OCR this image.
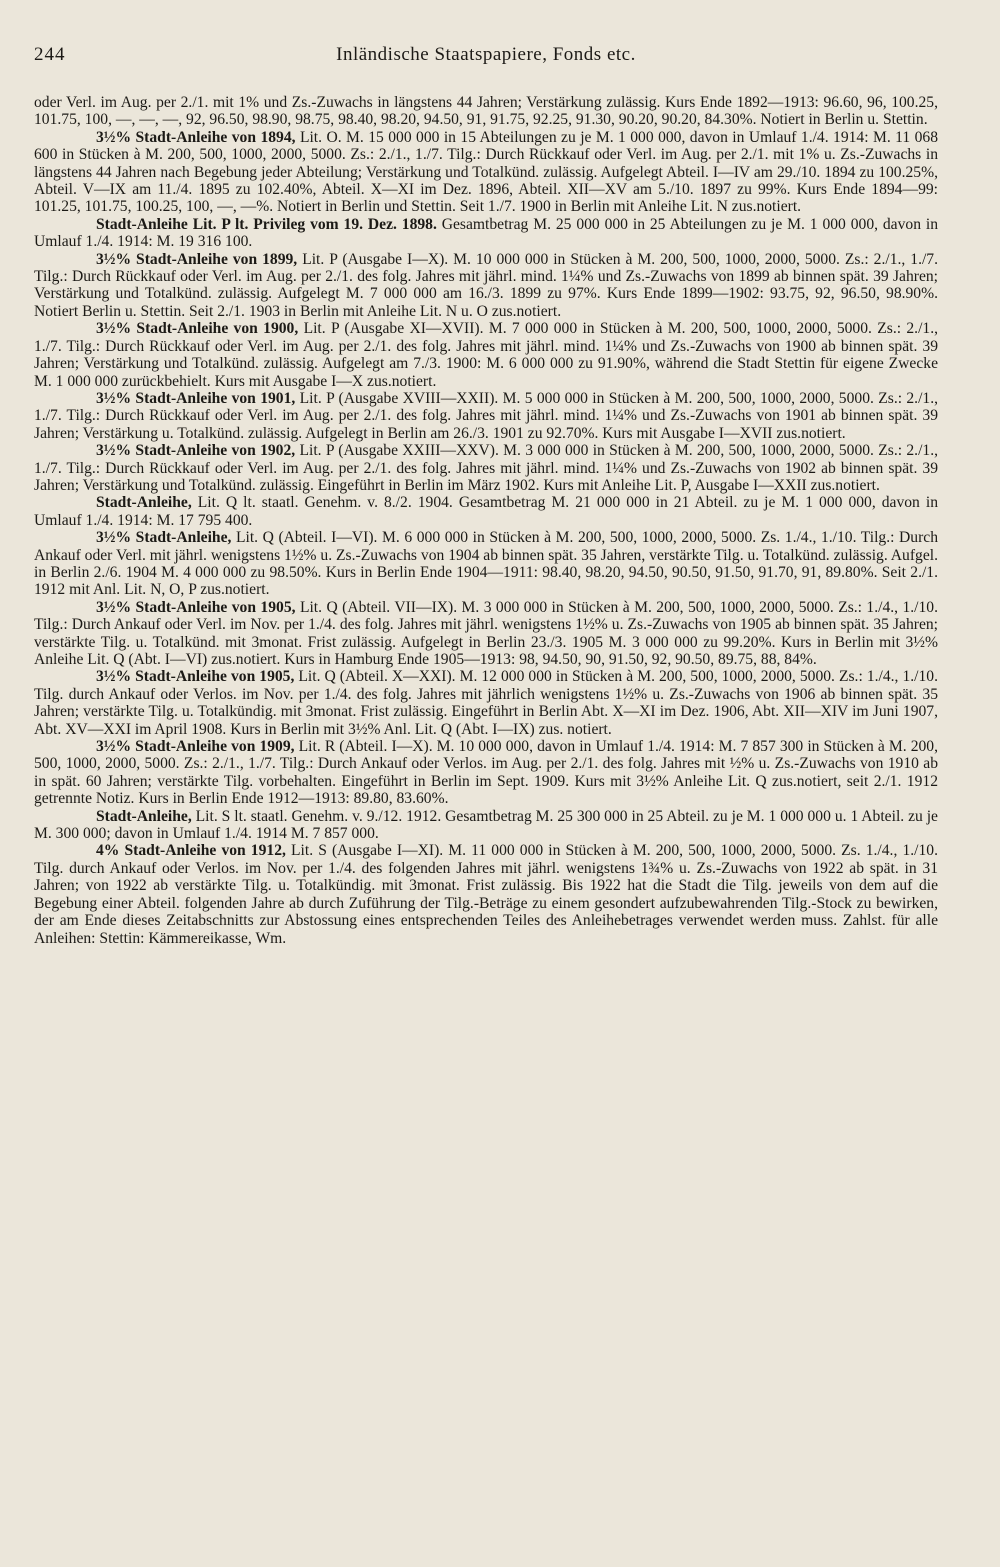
244	Inländische Staatspapiere, Fonds etc.

oder Verl. im Aug. per 2./1. mit 1% und Zs.-Zuwachs in längstens 44 Jahren; Verstärkung zulässig. Kurs Ende 1892—1913: 96.60, 96, 100.25, 101.75, 100, —, —, —, 92, 96.50, 98.90, 98.75, 98.40, 98.20, 94.50, 91, 91.75, 92.25, 91.30, 90.20, 90.20, 84.30%. Notiert in Berlin u. Stettin.

3½% Stadt-Anleihe von 1894, Lit. O. M. 15 000 000 in 15 Abteilungen zu je M. 1 000 000, davon in Umlauf 1./4. 1914: M. 11 068 600 in Stücken à M. 200, 500, 1000, 2000, 5000. Zs.: 2./1., 1./7. Tilg.: Durch Rückkauf oder Verl. im Aug. per 2./1. mit 1% u. Zs.-Zuwachs in längstens 44 Jahren nach Begebung jeder Abteilung; Verstärkung und Totalkünd. zulässig. Aufgelegt Abteil. I—IV am 29./10. 1894 zu 100.25%, Abteil. V—IX am 11./4. 1895 zu 102.40%, Abteil. X—XI im Dez. 1896, Abteil. XII—XV am 5./10. 1897 zu 99%. Kurs Ende 1894—99: 101.25, 101.75, 100.25, 100, —, —%. Notiert in Berlin und Stettin. Seit 1./7. 1900 in Berlin mit Anleihe Lit. N zus.notiert.

Stadt-Anleihe Lit. P lt. Privileg vom 19. Dez. 1898. Gesamtbetrag M. 25 000 000 in 25 Abteilungen zu je M. 1 000 000, davon in Umlauf 1./4. 1914: M. 19 316 100.

3½% Stadt-Anleihe von 1899, Lit. P (Ausgabe I—X). M. 10 000 000 in Stücken à M. 200, 500, 1000, 2000, 5000. Zs.: 2./1., 1./7. Tilg.: Durch Rückkauf oder Verl. im Aug. per 2./1. des folg. Jahres mit jährl. mind. 1¼% und Zs.-Zuwachs von 1899 ab binnen spät. 39 Jahren; Verstärkung und Totalkünd. zulässig. Aufgelegt M. 7 000 000 am 16./3. 1899 zu 97%. Kurs Ende 1899—1902: 93.75, 92, 96.50, 98.90%. Notiert Berlin u. Stettin. Seit 2./1. 1903 in Berlin mit Anleihe Lit. N u. O zus.notiert.

3½% Stadt-Anleihe von 1900, Lit. P (Ausgabe XI—XVII). M. 7 000 000 in Stücken à M. 200, 500, 1000, 2000, 5000. Zs.: 2./1., 1./7. Tilg.: Durch Rückkauf oder Verl. im Aug. per 2./1. des folg. Jahres mit jährl. mind. 1¼% und Zs.-Zuwachs von 1900 ab binnen spät. 39 Jahren; Verstärkung und Totalkünd. zulässig. Aufgelegt am 7./3. 1900: M. 6 000 000 zu 91.90%, während die Stadt Stettin für eigene Zwecke M. 1 000 000 zurückbehielt. Kurs mit Ausgabe I—X zus.notiert.

3½% Stadt-Anleihe von 1901, Lit. P (Ausgabe XVIII—XXII). M. 5 000 000 in Stücken à M. 200, 500, 1000, 2000, 5000. Zs.: 2./1., 1./7. Tilg.: Durch Rückkauf oder Verl. im Aug. per 2./1. des folg. Jahres mit jährl. mind. 1¼% und Zs.-Zuwachs von 1901 ab binnen spät. 39 Jahren; Verstärkung u. Totalkünd. zulässig. Aufgelegt in Berlin am 26./3. 1901 zu 92.70%. Kurs mit Ausgabe I—XVII zus.notiert.

3½% Stadt-Anleihe von 1902, Lit. P (Ausgabe XXIII—XXV). M. 3 000 000 in Stücken à M. 200, 500, 1000, 2000, 5000. Zs.: 2./1., 1./7. Tilg.: Durch Rückkauf oder Verl. im Aug. per 2./1. des folg. Jahres mit jährl. mind. 1¼% und Zs.-Zuwachs von 1902 ab binnen spät. 39 Jahren; Verstärkung und Totalkünd. zulässig. Eingeführt in Berlin im März 1902. Kurs mit Anleihe Lit. P, Ausgabe I—XXII zus.notiert.

Stadt-Anleihe, Lit. Q lt. staatl. Genehm. v. 8./2. 1904. Gesamtbetrag M. 21 000 000 in 21 Abteil. zu je M. 1 000 000, davon in Umlauf 1./4. 1914: M. 17 795 400.

3½% Stadt-Anleihe, Lit. Q (Abteil. I—VI). M. 6 000 000 in Stücken à M. 200, 500, 1000, 2000, 5000. Zs. 1./4., 1./10. Tilg.: Durch Ankauf oder Verl. mit jährl. wenigstens 1½% u. Zs.-Zuwachs von 1904 ab binnen spät. 35 Jahren, verstärkte Tilg. u. Totalkünd. zulässig. Aufgel. in Berlin 2./6. 1904 M. 4 000 000 zu 98.50%. Kurs in Berlin Ende 1904—1911: 98.40, 98.20, 94.50, 90.50, 91.50, 91.70, 91, 89.80%. Seit 2./1. 1912 mit Anl. Lit. N, O, P zus.notiert.

3½% Stadt-Anleihe von 1905, Lit. Q (Abteil. VII—IX). M. 3 000 000 in Stücken à M. 200, 500, 1000, 2000, 5000. Zs.: 1./4., 1./10. Tilg.: Durch Ankauf oder Verl. im Nov. per 1./4. des folg. Jahres mit jährl. wenigstens 1½% u. Zs.-Zuwachs von 1905 ab binnen spät. 35 Jahren; verstärkte Tilg. u. Totalkünd. mit 3monat. Frist zulässig. Aufgelegt in Berlin 23./3. 1905 M. 3 000 000 zu 99.20%. Kurs in Berlin mit 3½% Anleihe Lit. Q (Abt. I—VI) zus.notiert. Kurs in Hamburg Ende 1905—1913: 98, 94.50, 90, 91.50, 92, 90.50, 89.75, 88, 84%.

3½% Stadt-Anleihe von 1905, Lit. Q (Abteil. X—XXI). M. 12 000 000 in Stücken à M. 200, 500, 1000, 2000, 5000. Zs.: 1./4., 1./10. Tilg. durch Ankauf oder Verlos. im Nov. per 1./4. des folg. Jahres mit jährlich wenigstens 1½% u. Zs.-Zuwachs von 1906 ab binnen spät. 35 Jahren; verstärkte Tilg. u. Totalkündig. mit 3monat. Frist zulässig. Eingeführt in Berlin Abt. X—XI im Dez. 1906, Abt. XII—XIV im Juni 1907, Abt. XV—XXI im April 1908. Kurs in Berlin mit 3½% Anl. Lit. Q (Abt. I—IX) zus. notiert.

3½% Stadt-Anleihe von 1909, Lit. R (Abteil. I—X). M. 10 000 000, davon in Umlauf 1./4. 1914: M. 7 857 300 in Stücken à M. 200, 500, 1000, 2000, 5000. Zs.: 2./1., 1./7. Tilg.: Durch Ankauf oder Verlos. im Aug. per 2./1. des folg. Jahres mit ½% u. Zs.-Zuwachs von 1910 ab in spät. 60 Jahren; verstärkte Tilg. vorbehalten. Eingeführt in Berlin im Sept. 1909. Kurs mit 3½% Anleihe Lit. Q zus.notiert, seit 2./1. 1912 getrennte Notiz. Kurs in Berlin Ende 1912—1913: 89.80, 83.60%.

Stadt-Anleihe, Lit. S lt. staatl. Genehm. v. 9./12. 1912. Gesamtbetrag M. 25 300 000 in 25 Abteil. zu je M. 1 000 000 u. 1 Abteil. zu je M. 300 000; davon in Umlauf 1./4. 1914 M. 7 857 000.

4% Stadt-Anleihe von 1912, Lit. S (Ausgabe I—XI). M. 11 000 000 in Stücken à M. 200, 500, 1000, 2000, 5000. Zs. 1./4., 1./10. Tilg. durch Ankauf oder Verlos. im Nov. per 1./4. des folgenden Jahres mit jährl. wenigstens 1¾% u. Zs.-Zuwachs von 1922 ab spät. in 31 Jahren; von 1922 ab verstärkte Tilg. u. Totalkündig. mit 3monat. Frist zulässig. Bis 1922 hat die Stadt die Tilg. jeweils von dem auf die Begebung einer Abteil. folgenden Jahre ab durch Zuführung der Tilg.-Beträge zu einem gesondert aufzubewahrenden Tilg.-Stock zu bewirken, der am Ende dieses Zeitabschnitts zur Abstossung eines entsprechenden Teiles des Anleihebetrages verwendet werden muss. Zahlst. für alle Anleihen: Stettin: Kämmereikasse, Wm.
